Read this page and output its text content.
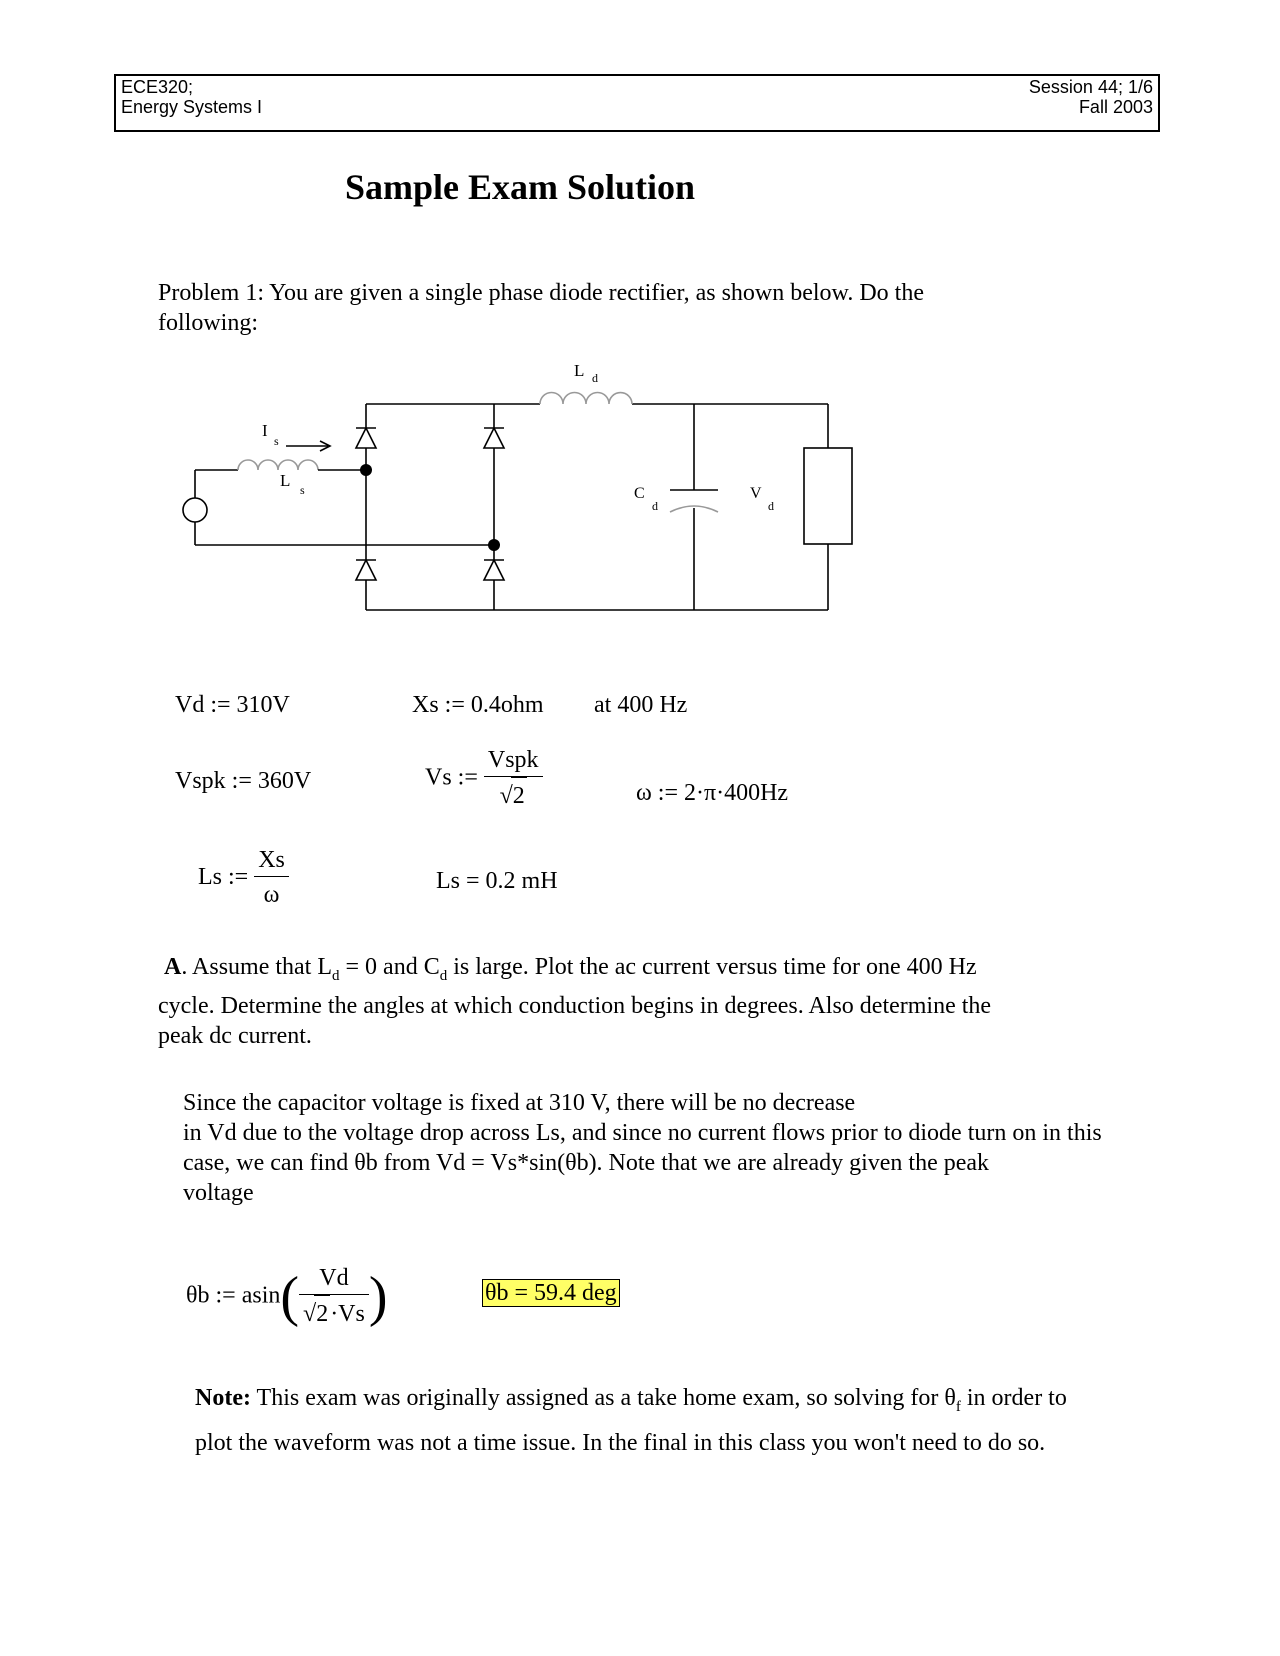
ECE320;
Energy Systems I
Session 44; 1/6
Fall 2003
Sample Exam Solution
Problem 1: You are given a single phase diode rectifier, as shown below. Do the
following:
L d
I
s
L s	C
d
V
d
Vd := 310V	Xs := 0.4ohm at 400 Hz
Vspk := 360V	Vs := $\frac{\text{Vspk}}{√2}$	ω := 2·π·400Hz
Ls := $\frac{Xs}{\omega}$	Ls = 0.2 mH
A. Assume that $L_d = 0$ and $C_d$ is large. Plot the ac current versus time for one 400 Hz
cycle. Determine the angles at which conduction begins in degrees. Also determine the
peak dc current.
Since the capacitor voltage is fixed at 310 V, there will be no decrease
in Vd due to the voltage drop across Ls, and since no current flows prior to diode turn on in this
case, we can find θb from Vd = Vs*sin(θb). Note that we are already given the peak
voltage
θb := $asin( \frac{Vd}{√2\cdot Vs}$ )	θb = 59.4 deg
Note: This exam was originally assigned as a take home exam, so solving for $\theta_f$ in order to
plot the waveform was not a time issue. In the final in this class you won't need to do so.
